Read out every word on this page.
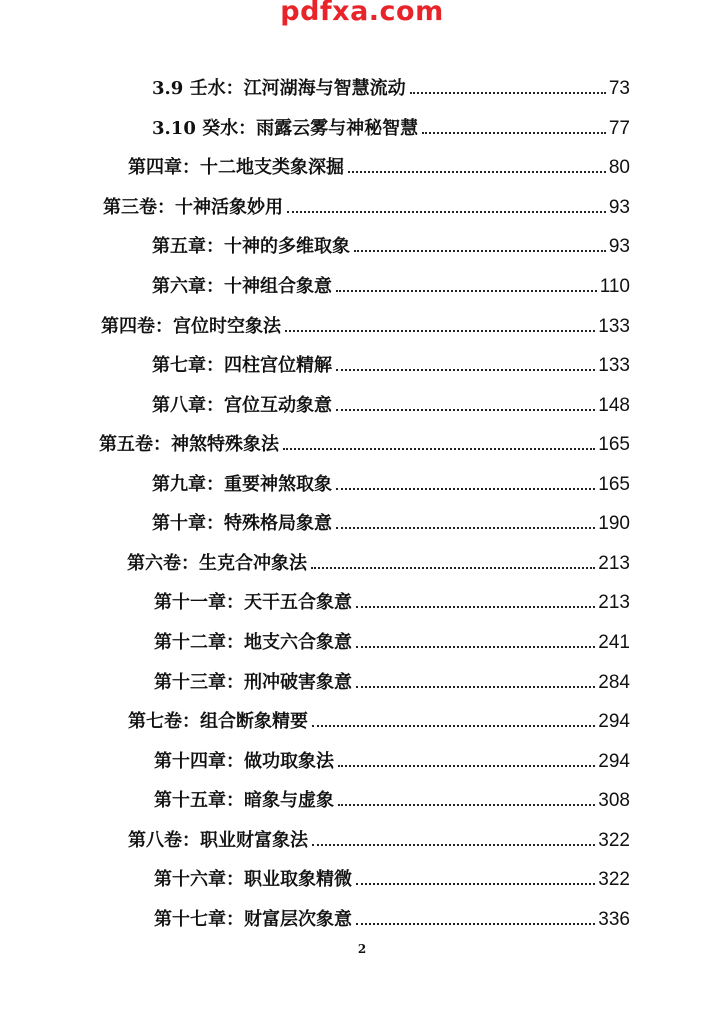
pdfxa.com
3.9 壬水：江河湖海与智慧流动	73
3.10 癸水：雨露云雾与神秘智慧	77
第四章：十二地支类象深掘	80
第三卷：十神活象妙用	93
第五章：十神的多维取象	93
第六章：十神组合象意	110
第四卷：宫位时空象法	133
第七章：四柱宫位精解	133
第八章：宫位互动象意	148
第五卷：神煞特殊象法	165
第九章：重要神煞取象	165
第十章：特殊格局象意	190
第六卷：生克合冲象法	213
第十一章：天干五合象意	213
第十二章：地支六合象意	241
第十三章：刑冲破害象意	284
第七卷：组合断象精要	294
第十四章：做功取象法	294
第十五章：暗象与虚象	308
第八卷：职业财富象法	322
第十六章：职业取象精微	322
第十七章：财富层次象意	336
2
